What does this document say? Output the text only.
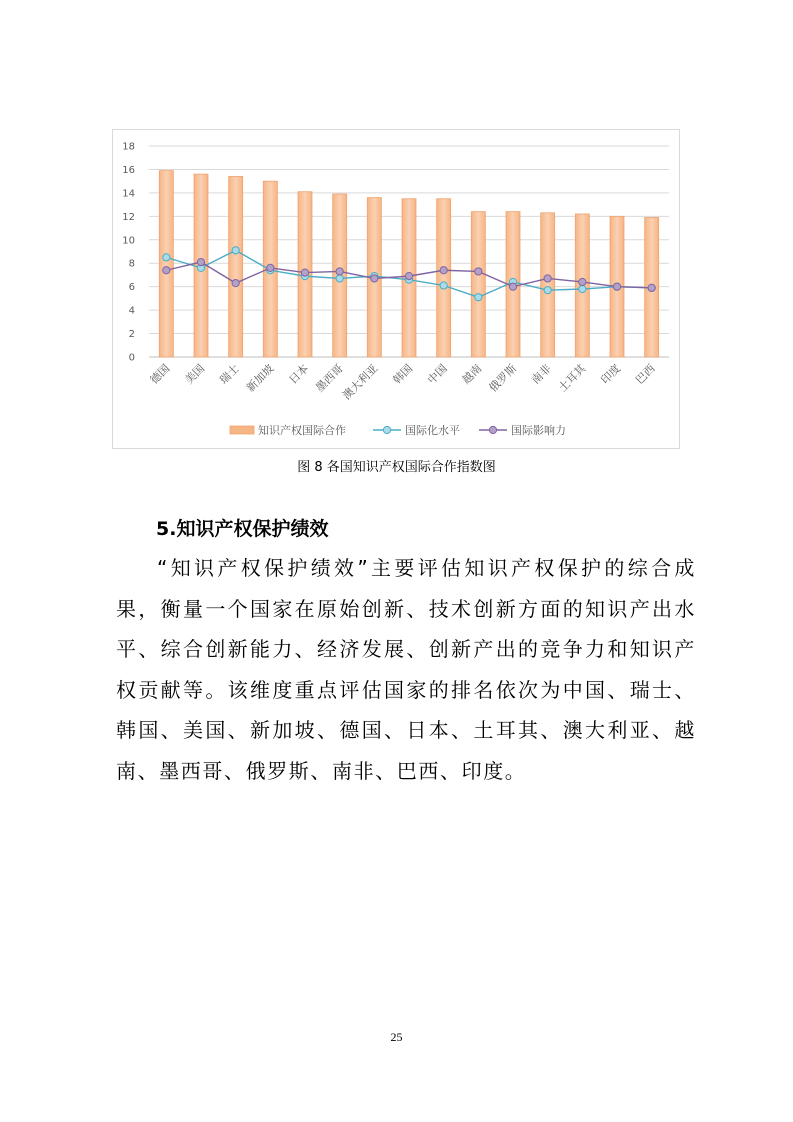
0
2
4
6
8
10
12
14
16
18
德国 美国 瑞士 新加坡 日本 墨西哥
澳大利亚 韩国 中国 越南 俄罗斯 南非 土耳其 印度 巴西
知识产权国际合作	国际化水平	国际影响力
图 8 各国知识产权国际合作指数图
5.知识产权保护绩效

“知识产权保护绩效”主要评估知识产权保护的综合成果，衡量一个国家在原始创新、技术创新方面的知识产出水平、综合创新能力、经济发展、创新产出的竞争力和知识产权贡献等。该维度重点评估国家的排名依次为中国、瑞士、韩国、美国、新加坡、德国、日本、土耳其、澳大利亚、越南、墨西哥、俄罗斯、南非、巴西、印度。

25
